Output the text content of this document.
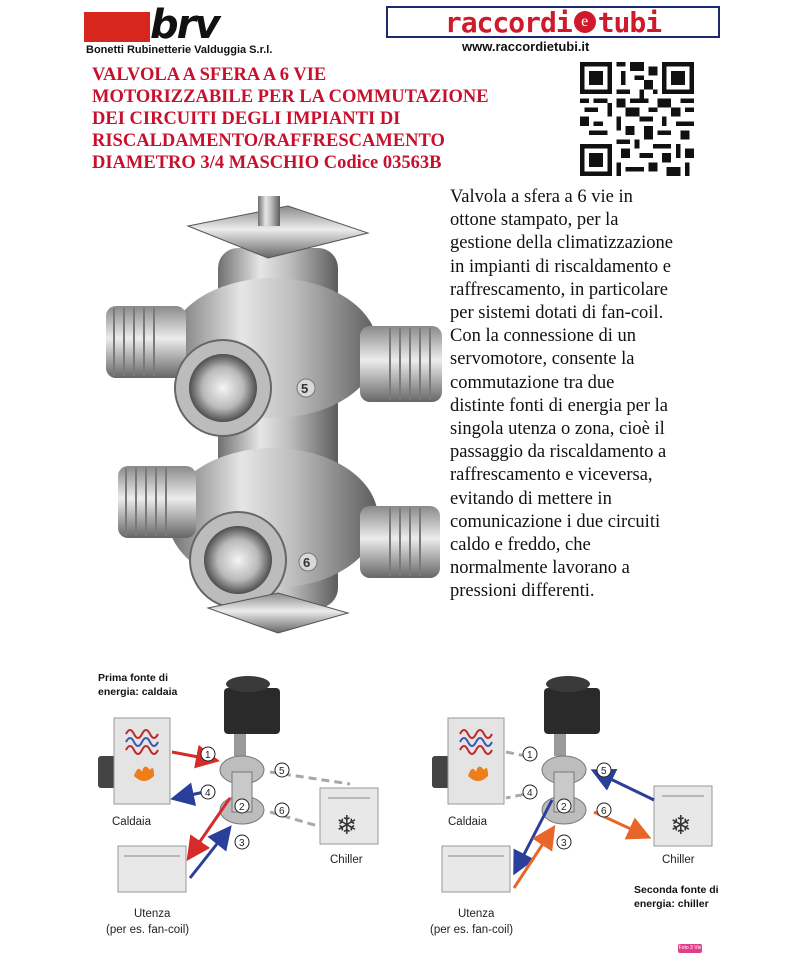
brv
Bonetti Rubinetterie Valduggia S.r.l.
raccordi e tubi
www.raccordietubi.it
VALVOLA A SFERA A 6 VIE
MOTORIZZABILE PER LA COMMUTAZIONE
DEI CIRCUITI DEGLI IMPIANTI DI
RISCALDAMENTO/RAFFRESCAMENTO
DIAMETRO 3/4 MASCHIO Codice 03563B
5
6
Valvola a sfera a 6 vie in
ottone stampato, per la
gestione della climatizzazione
in impianti di riscaldamento e
raffrescamento, in particolare
per sistemi dotati di fan-coil.
Con la connessione di un
servomotore, consente la
commutazione tra due
distinte fonti di energia per la
singola utenza o zona, cioè il
passaggio da riscaldamento a
raffrescamento e viceversa,
evitando di mettere in
comunicazione i due circuiti
caldo e freddo, che
normalmente lavorano a
pressioni differenti.
Prima fonte di
energia: caldaia
❄
1
4
2
3
5
6
Caldaia
Chiller
Utenza
(per es. fan-coil)
❄
1
4
2
3
5
6
Caldaia
Chiller
Seconda fonte di
energia: chiller
Utenza
(per es. fan-coil)
Foto 3 Vie
